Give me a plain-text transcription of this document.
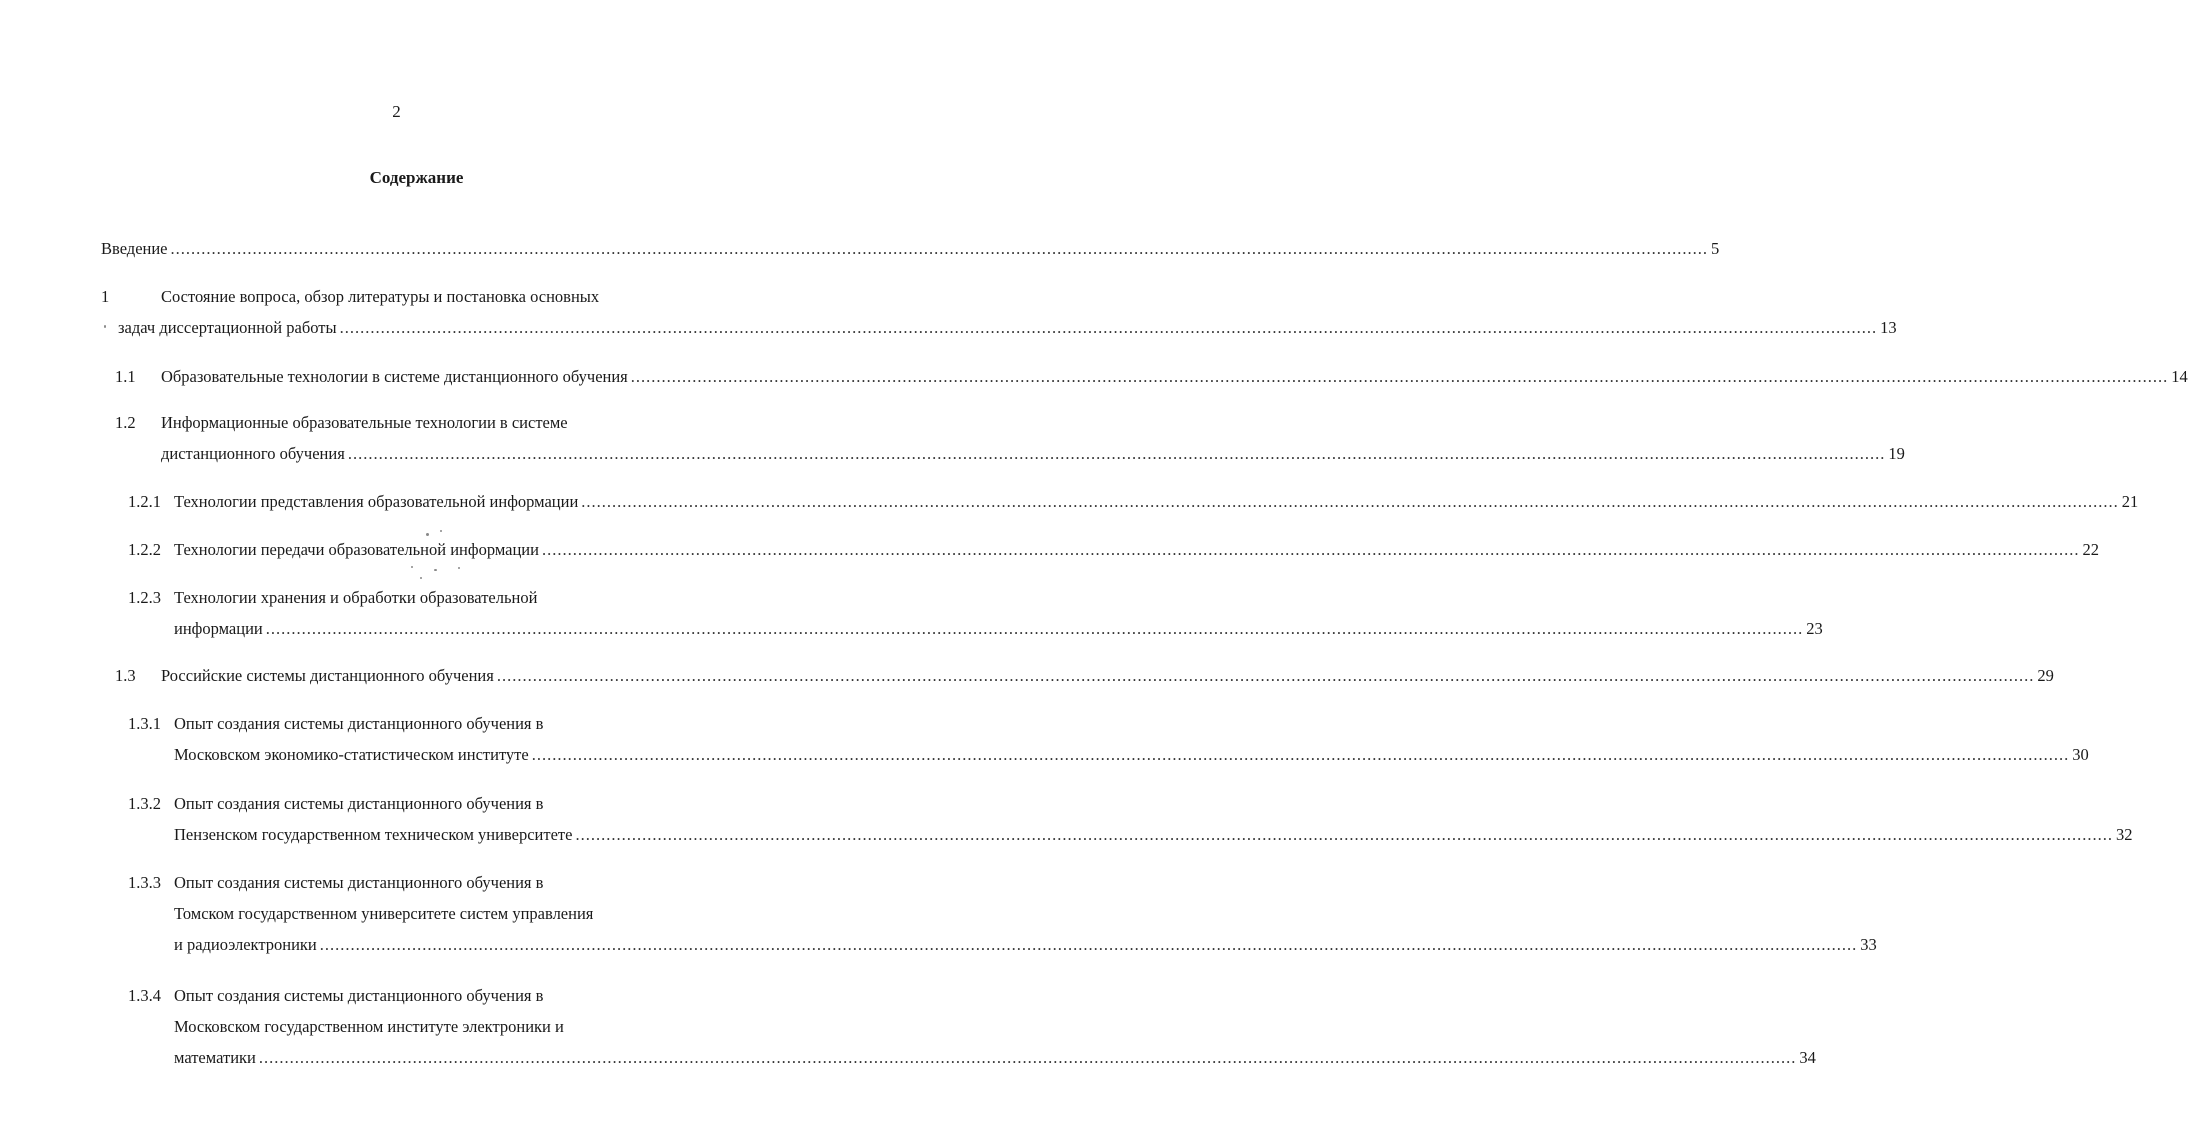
2
Содержание
Введение ............................................................................................................................................................................................................................................................................................................ 5
1	Состояние вопроса, обзор литературы и постановка основных
задач диссертационной работы ............................................................................................................................................................................................................................................................................................................ 13
1.1 Образовательные технологии в системе дистанционного обучения ............................................................................................................................................................................................................................................................................................................ 14
1.2 Информационные образовательные технологии в системе
дистанционного обучения ............................................................................................................................................................................................................................................................................................................ 19
1.2.1 Технологии представления образовательной информации ............................................................................................................................................................................................................................................................................................................ 21
1.2.2 Технологии передачи образовательной информации ............................................................................................................................................................................................................................................................................................................ 22
1.2.3 Технологии хранения и обработки образовательной
информации ............................................................................................................................................................................................................................................................................................................ 23
1.3 Российские системы дистанционного обучения ............................................................................................................................................................................................................................................................................................................ 29
1.3.1 Опыт создания системы дистанционного обучения в
Московском экономико-статистическом институте ............................................................................................................................................................................................................................................................................................................ 30
1.3.2 Опыт создания системы дистанционного обучения в
Пензенском государственном техническом университете ............................................................................................................................................................................................................................................................................................................ 32
1.3.3 Опыт создания системы дистанционного обучения в
Томском государственном университете систем управления
и радиоэлектроники ............................................................................................................................................................................................................................................................................................................ 33
1.3.4 Опыт создания системы дистанционного обучения в
Московском государственном институте электроники и
математики ............................................................................................................................................................................................................................................................................................................ 34
